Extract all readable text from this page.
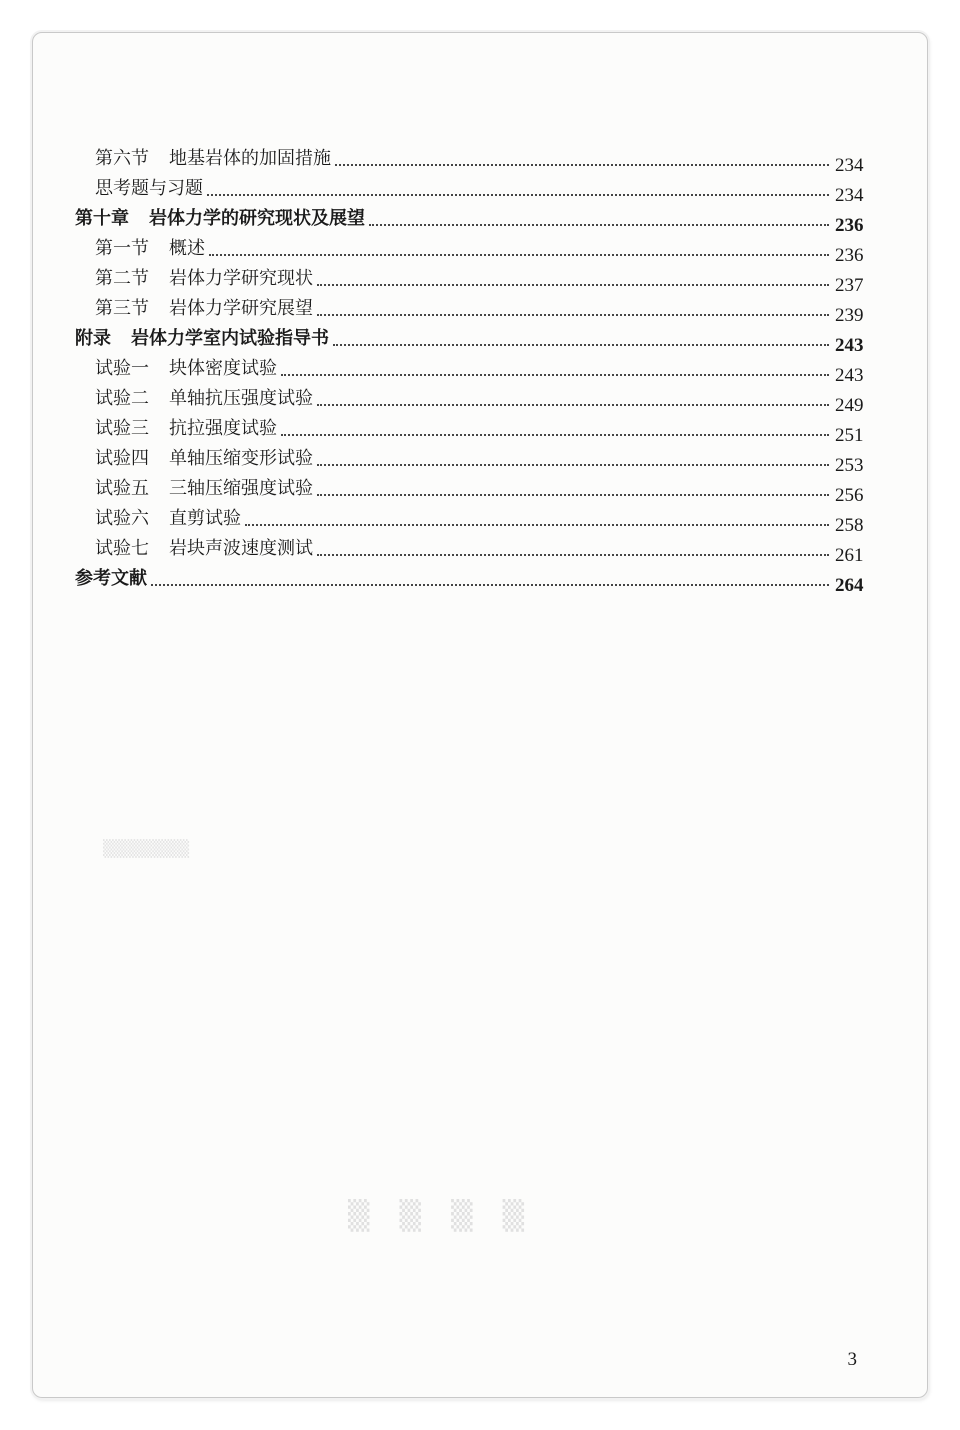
▒▒▒▒▒▒▒
▒▒▒▒
第六节 地基岩体的加固措施	234
思考题与习题	234
第十章 岩体力学的研究现状及展望	236
第一节 概述	236
第二节 岩体力学研究现状	237
第三节 岩体力学研究展望	239
附录 岩体力学室内试验指导书	243
试验一 块体密度试验	243
试验二 单轴抗压强度试验	249
试验三 抗拉强度试验	251
试验四 单轴压缩变形试验	253
试验五 三轴压缩强度试验	256
试验六 直剪试验	258
试验七 岩块声波速度测试	261
参考文献	264
3
